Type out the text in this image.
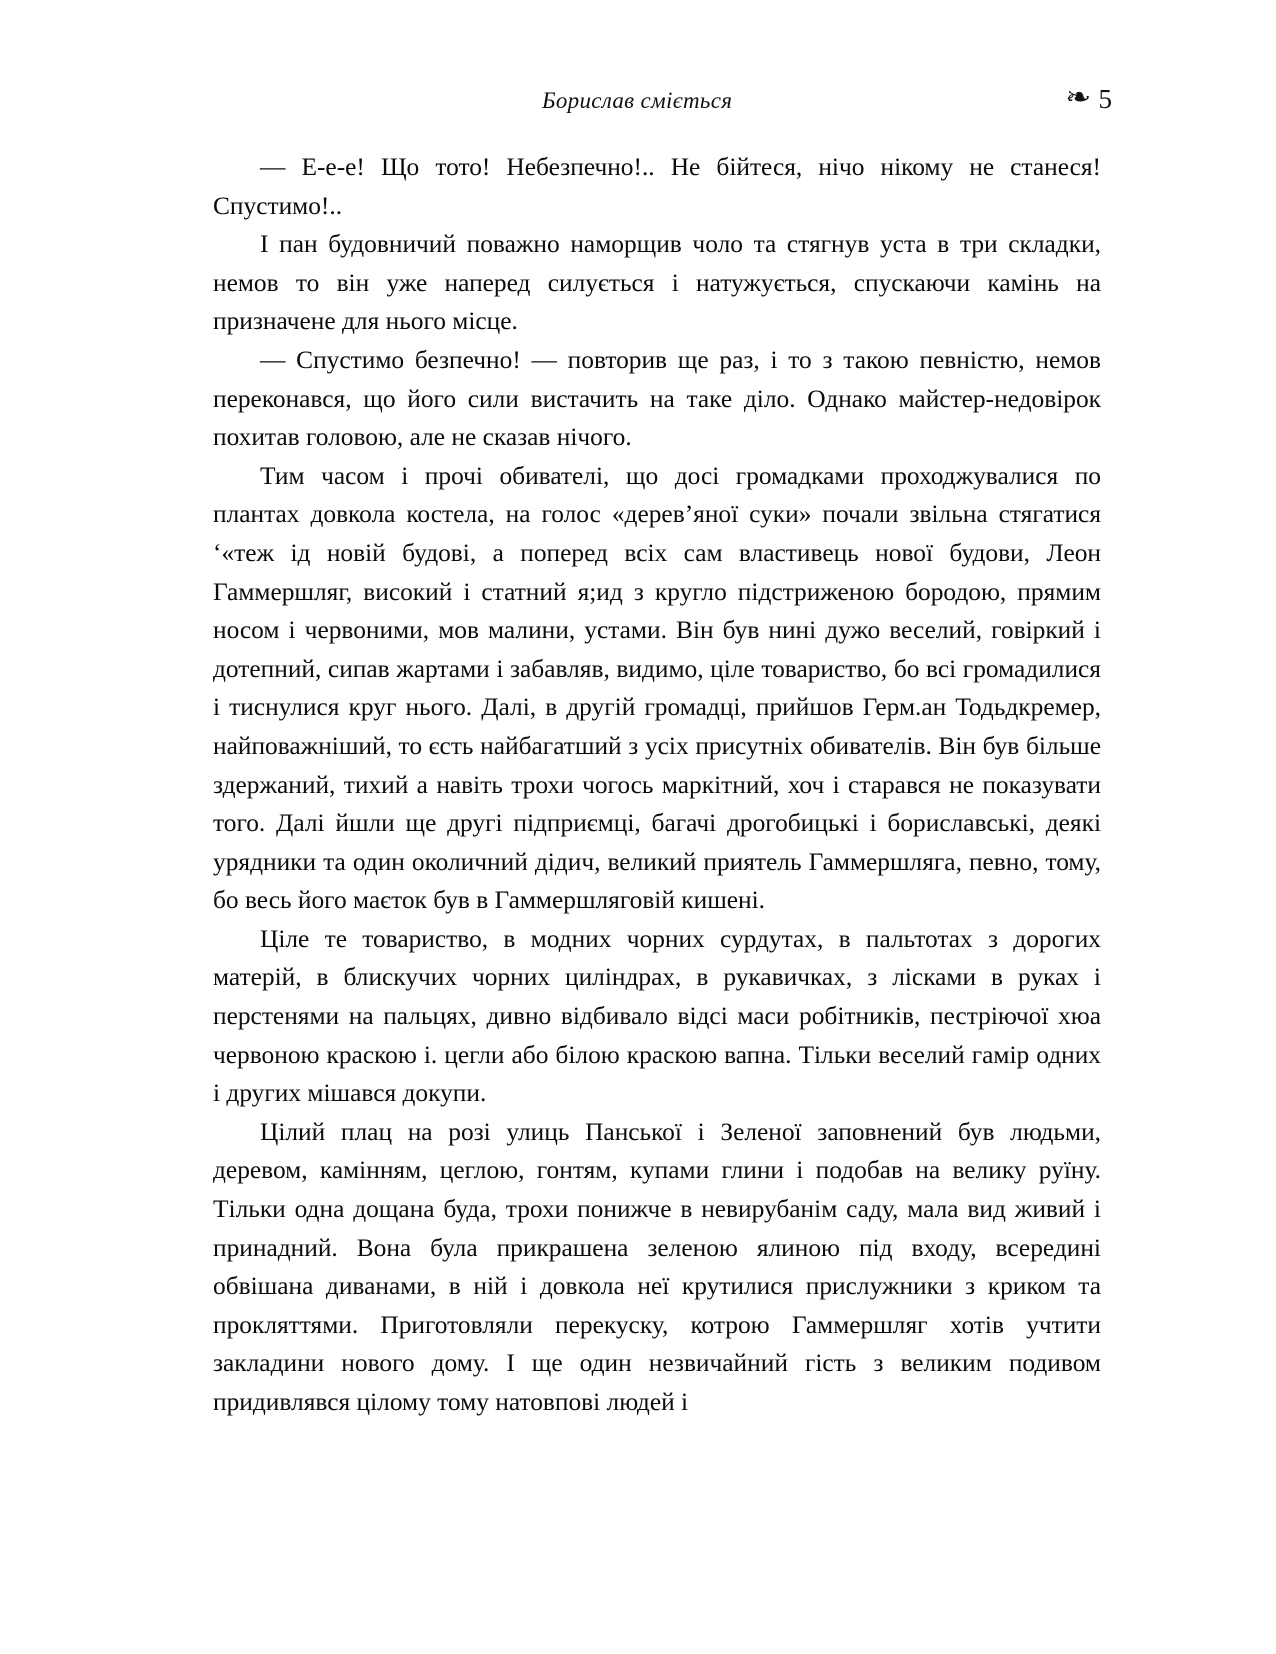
Борислав сміється	❧ 5

— Е-е-е! Що тото! Небезпечно!.. Не бійтеся, нічо нікому не станеся! Спустимо!..

І пан будовничий поважно наморщив чоло та стягнув уста в три складки, немов то він уже наперед силується і натужується, спускаючи камінь на призначене для нього місце.

— Спустимо безпечно! — повторив ще раз, і то з такою певністю, немов переконався, що його сили вистачить на таке діло. Однако майстер-недовірок похитав головою, але не сказав нічого.

Тим часом і прочі обивателі, що досі громадками проходжувалися по плантах довкола костела, на голос «дерев’яної суки» почали звільна стягатися ‘«теж ід новій будові, а поперед всіх сам властивець нової будови, Леон Гаммершляг, високий і статний я;ид з кругло підстриженою бородою, прямим носом і червоними, мов малини, устами. Він був нині дужо веселий, говіркий і дотепний, сипав жартами і забавляв, видимо, ціле товариство, бо всі громадилися і тиснулися круг нього. Далі, в другій громадці, прийшов Герм.ан Тодьдкремер, найповажніший, то єсть найбагатший з усіх присутніх обивателів. Він був більше здержаний, тихий а навіть трохи чогось маркітний, хоч і старався не показувати того. Далі йшли ще другі підприємці, багачі дрогобицькі і бориславські, деякі урядники та один околичний дідич, великий приятель Гаммершляга, певно, тому, бо весь його маєток був в Гаммершляговій кишені.

Ціле те товариство, в модних чорних сурдутах, в пальтотах з дорогих матерій, в блискучих чорних циліндрах, в рукавичках, з лісками в руках і перстенями на пальцях, дивно відбивало відсі маси робітників, пестріючої хюа червоною краскою і. цегли або білою краскою вапна. Тільки веселий гамір одних і других мішався докупи.

Цілий плац на розі улиць Панської і Зеленої заповнений був людьми, деревом, камінням, цеглою, гонтям, купами глини і подобав на велику руїну. Тільки одна дощана буда, трохи понижче в невирубанім саду, мала вид живий і принадний. Вона була прикрашена зеленою ялиною під входу, всередині обвішана диванами, в ній і довкола неї крутилися прислужники з криком та прокляттями. Приготовляли перекуску, котрою Гаммершляг хотів учтити закладини нового дому. І ще один незвичайний гість з великим подивом придивлявся цілому тому натовпові людей і
